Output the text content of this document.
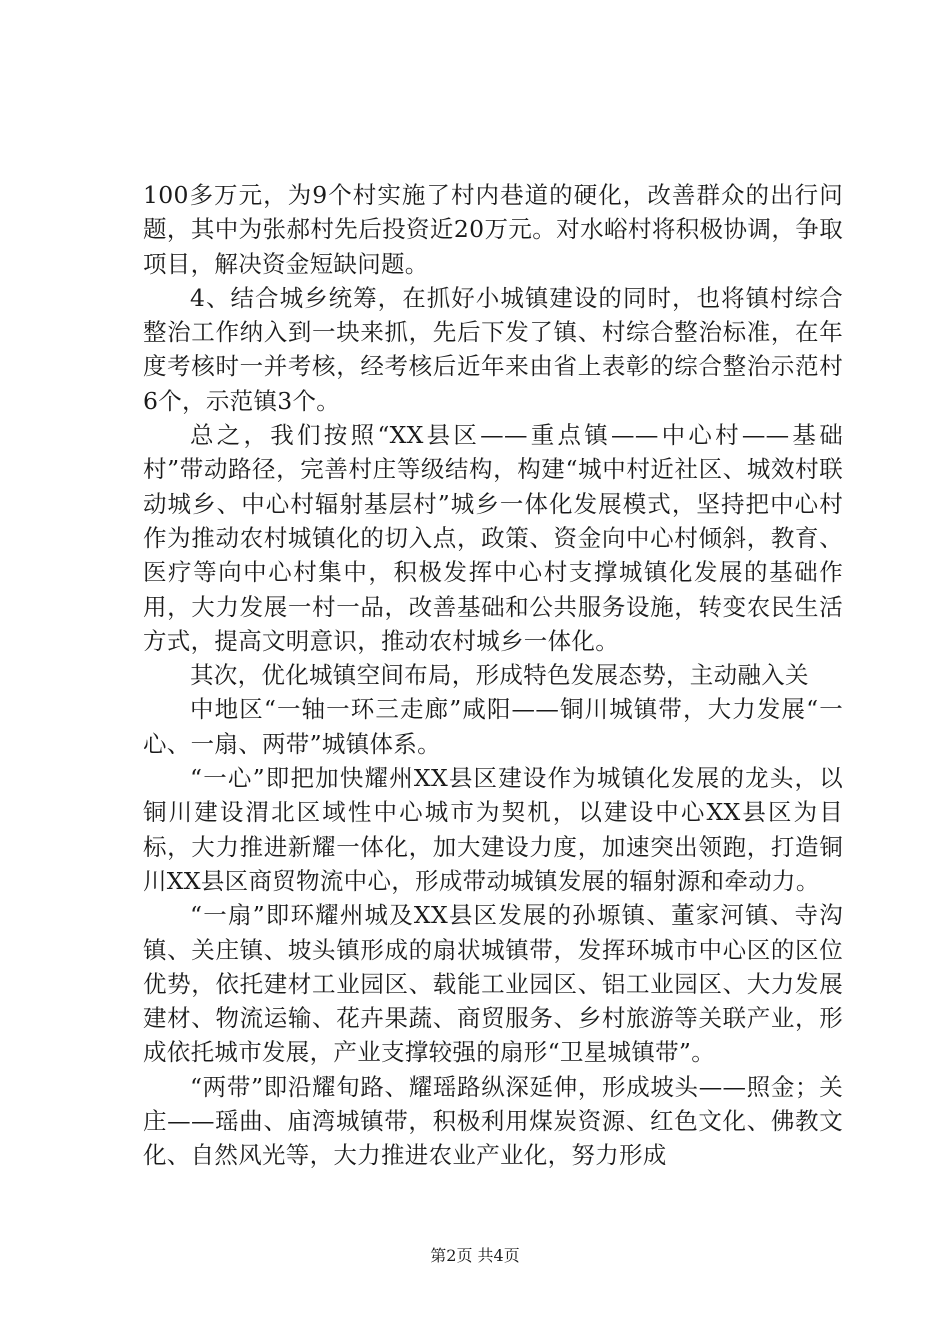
100多万元，为9个村实施了村内巷道的硬化，改善群众的出行问题，其中为张郝村先后投资近20万元。对水峪村将积极协调，争取项目，解决资金短缺问题。

4、结合城乡统筹，在抓好小城镇建设的同时，也将镇村综合整治工作纳入到一块来抓，先后下发了镇、村综合整治标准，在年度考核时一并考核，经考核后近年来由省上表彰的综合整治示范村6个，示范镇3个。

总之，我们按照“XX县区——重点镇——中心村——基础村”带动路径，完善村庄等级结构，构建“城中村近社区、城效村联动城乡、中心村辐射基层村”城乡一体化发展模式，坚持把中心村作为推动农村城镇化的切入点，政策、资金向中心村倾斜，教育、医疗等向中心村集中，积极发挥中心村支撑城镇化发展的基础作用，大力发展一村一品，改善基础和公共服务设施，转变农民生活方式，提高文明意识，推动农村城乡一体化。

其次，优化城镇空间布局，形成特色发展态势，主动融入关

中地区“一轴一环三走廊”咸阳——铜川城镇带，大力发展“一心、一扇、两带”城镇体系。

“一心”即把加快耀州XX县区建设作为城镇化发展的龙头，以铜川建设渭北区域性中心城市为契机，以建设中心XX县区为目标，大力推进新耀一体化，加大建设力度，加速突出领跑，打造铜川XX县区商贸物流中心，形成带动城镇发展的辐射源和牵动力。

“一扇”即环耀州城及XX县区发展的孙塬镇、董家河镇、寺沟镇、关庄镇、坡头镇形成的扇状城镇带，发挥环城市中心区的区位优势，依托建材工业园区、载能工业园区、铝工业园区、大力发展建材、物流运输、花卉果蔬、商贸服务、乡村旅游等关联产业，形成依托城市发展，产业支撑较强的扇形“卫星城镇带”。

“两带”即沿耀旬路、耀瑶路纵深延伸，形成坡头——照金；关庄——瑶曲、庙湾城镇带，积极利用煤炭资源、红色文化、佛教文化、自然风光等，大力推进农业产业化，努力形成

第2页 共4页
